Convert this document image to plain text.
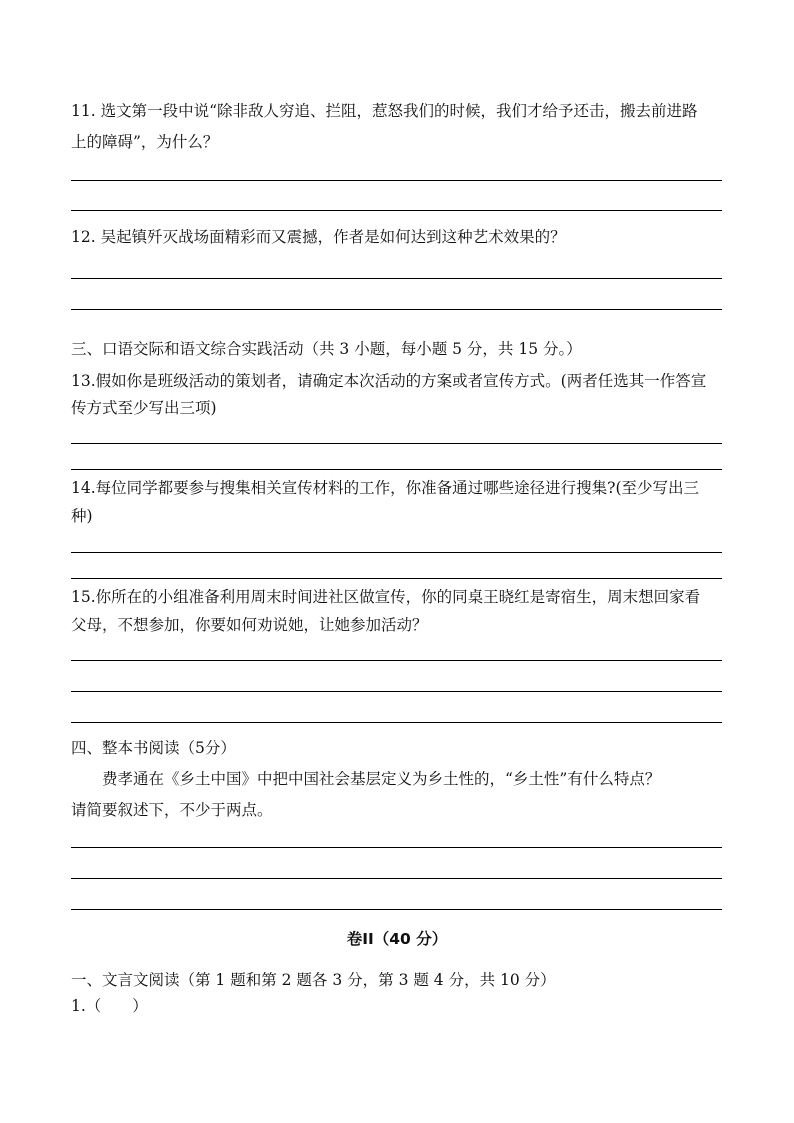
11. 选文第一段中说“除非敌人穷追、拦阻，惹怒我们的时候，我们才给予还击，搬去前进路

上的障碍”，为什么？

12. 吴起镇歼灭战场面精彩而又震撼，作者是如何达到这种艺术效果的？

三、口语交际和语文综合实践活动（共 3 小题，每小题 5 分，共 15 分。）

13.假如你是班级活动的策划者，请确定本次活动的方案或者宣传方式。(两者任选其一作答宣

传方式至少写出三项)

14.每位同学都要参与搜集相关宣传材料的工作，你准备通过哪些途径进行搜集?(至少写出三

种)

15.你所在的小组准备利用周末时间进社区做宣传，你的同桌王晓红是寄宿生，周末想回家看

父母，不想参加，你要如何劝说她，让她参加活动？

四、整本书阅读（5分）

费孝通在《乡土中国》中把中国社会基层定义为乡土性的，“乡土性”有什么特点？

请简要叙述下，不少于两点。

卷II（40 分）

一、文言文阅读（第 1 题和第 2 题各 3 分，第 3 题 4 分，共 10 分）

1.（　　）
